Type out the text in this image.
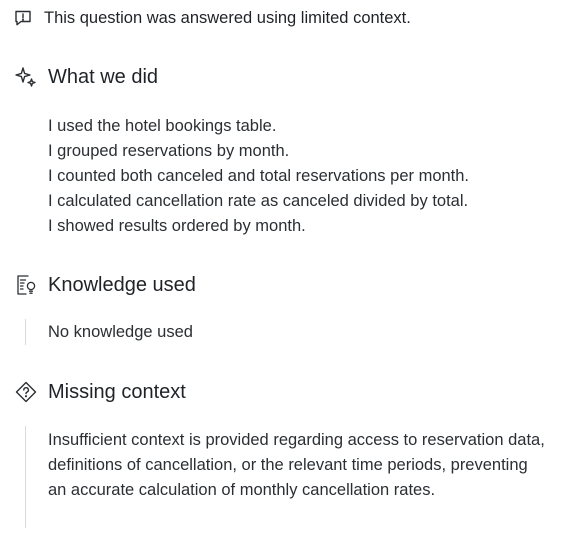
This question was answered using limited context.
What we did
I used the hotel bookings table.
I grouped reservations by month.
I counted both canceled and total reservations per month.
I calculated cancellation rate as canceled divided by total.
I showed results ordered by month.
Knowledge used
No knowledge used
Missing context
Insufficient context is provided regarding access to reservation data, definitions of cancellation, or the relevant time periods, preventing an accurate calculation of monthly cancellation rates.
